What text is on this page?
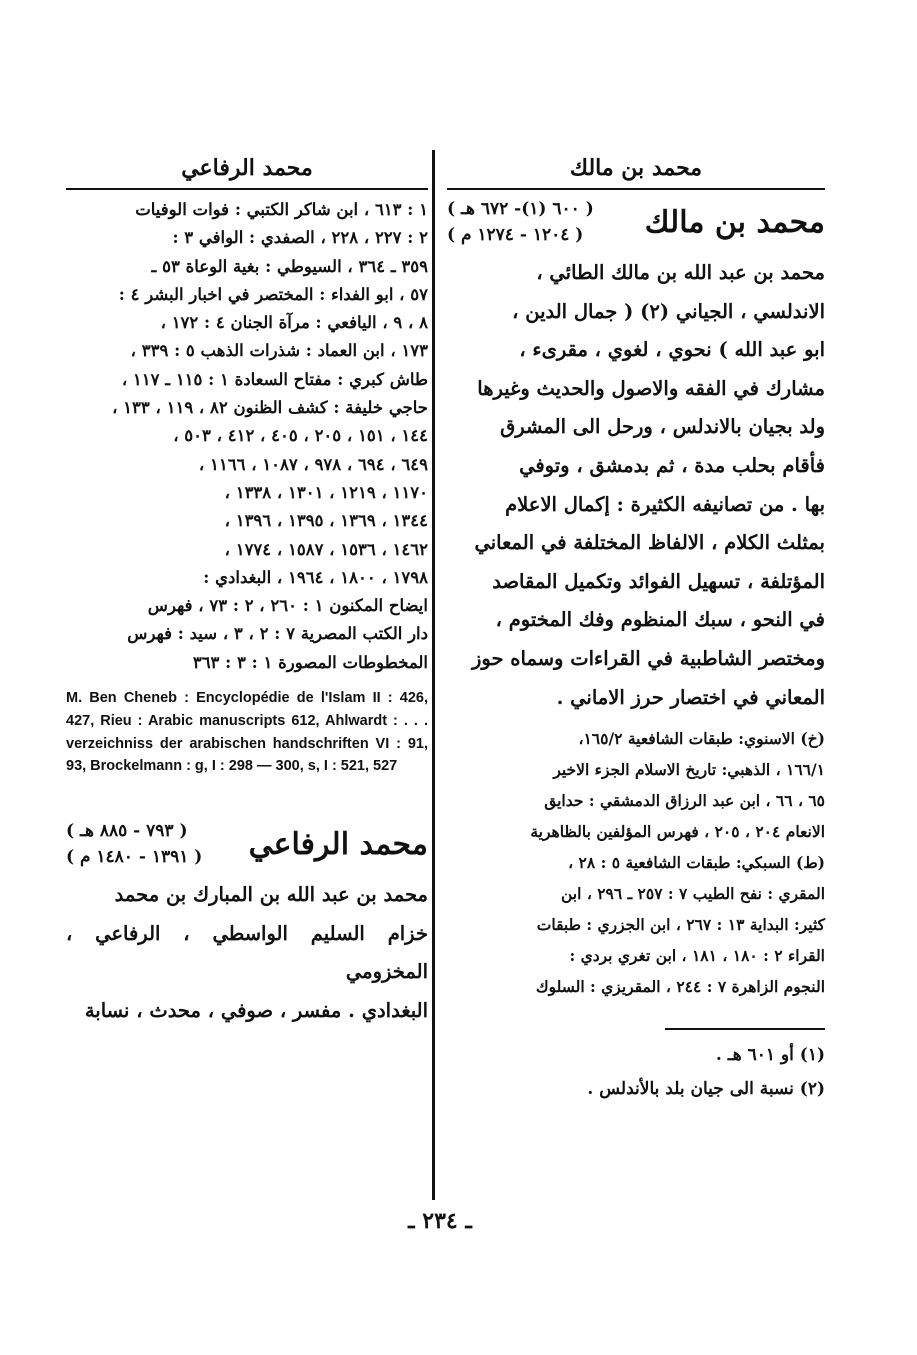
محمد بن مالك
محمد بن مالك
( ٦٠٠ (١)- ٦٧٢ هـ )
( ١٢٠٤ - ١٢٧٤ م )
محمد بن عبد الله بن مالك الطائي ،
الاندلسي ، الجياني (٢) ( جمال الدين ،
ابو عبد الله ) نحوي ، لغوي ، مقرىء ،
مشارك في الفقه والاصول والحديث وغيرها
ولد بجيان بالاندلس ، ورحل الى المشرق
فأقام بحلب مدة ، ثم بدمشق ، وتوفي
بها . من تصانيفه الكثيرة : إكمال الاعلام
بمثلث الكلام ، الالفاظ المختلفة في المعاني
المؤتلفة ، تسهيل الفوائد وتكميل المقاصد
في النحو ، سبك المنظوم وفك المختوم ،
ومختصر الشاطبية في القراءات وسماه حوز
المعاني في اختصار حرز الاماني .
(خ) الاسنوي: طبقات الشافعية ١٦٥/٢،
١٦٦/١ ، الذهبي: تاريخ الاسلام الجزء الاخير
٦٥ ، ٦٦ ، ابن عبد الرزاق الدمشقي : حدايق
الانعام ٢٠٤ ، ٢٠٥ ، فهرس المؤلفين بالظاهرية
(ط) السبكي: طبقات الشافعية ٥ : ٢٨ ،
المقري : نفح الطيب ٧ : ٢٥٧ ـ ٢٩٦ ، ابن
كثير: البداية ١٣ : ٢٦٧ ، ابن الجزري : طبقات
القراء ٢ : ١٨٠ ، ١٨١ ، ابن تغري بردي :
النجوم الزاهرة ٧ : ٢٤٤ ، المقريزي : السلوك
(١) أو ٦٠١ هـ .
(٢) نسبة الى جيان بلد بالأندلس .
محمد الرفاعي
١ : ٦١٣ ، ابن شاكر الكتبي : فوات الوفيات
٢ : ٢٢٧ ، ٢٢٨ ، الصفدي : الوافي ٣ :
٣٥٩ ـ ٣٦٤ ، السيوطي : بغية الوعاة ٥٣ ـ
٥٧ ، ابو الفداء : المختصر في اخبار البشر ٤ :
٨ ، ٩ ، اليافعي : مرآة الجنان ٤ : ١٧٢ ،
١٧٣ ، ابن العماد : شذرات الذهب ٥ : ٣٣٩ ،
طاش كبري : مفتاح السعادة ١ : ١١٥ ـ ١١٧ ،
حاجي خليفة : كشف الظنون ٨٢ ، ١١٩ ، ١٣٣ ،
١٤٤ ، ١٥١ ، ٢٠٥ ، ٤٠٥ ، ٤١٢ ، ٥٠٣ ،
٦٤٩ ، ٦٩٤ ، ٩٧٨ ، ١٠٨٧ ، ١١٦٦ ،
١١٧٠ ، ١٢١٩ ، ١٣٠١ ، ١٣٣٨ ،
١٣٤٤ ، ١٣٦٩ ، ١٣٩٥ ، ١٣٩٦ ،
١٤٦٢ ، ١٥٣٦ ، ١٥٨٧ ، ١٧٧٤ ،
١٧٩٨ ، ١٨٠٠ ، ١٩٦٤ ، البغدادي :
ايضاح المكنون ١ : ٢٦٠ ، ٢ : ٧٣ ، فهرس
دار الكتب المصرية ٧ : ٢ ، ٣ ، سيد : فهرس
المخطوطات المصورة ١ : ٣ : ٣٦٣
M. Ben Cheneb : Encyclopédie de l'Islam II : 426, 427, Rieu : Arabic manuscripts 612, Ahlwardt : . . . verzeichniss der arabischen handschriften VI : 91, 93, Brockelmann : g, I : 298 — 300, s, I : 521, 527
محمد الرفاعي
( ٧٩٣ - ٨٨٥ هـ )
( ١٣٩١ - ١٤٨٠ م )
محمد بن عبد الله بن المبارك بن محمد
خزام السليم الواسطي ، الرفاعي ، المخزومي
البغدادي . مفسر ، صوفي ، محدث ، نسابة
ـ ٢٣٤ ـ
